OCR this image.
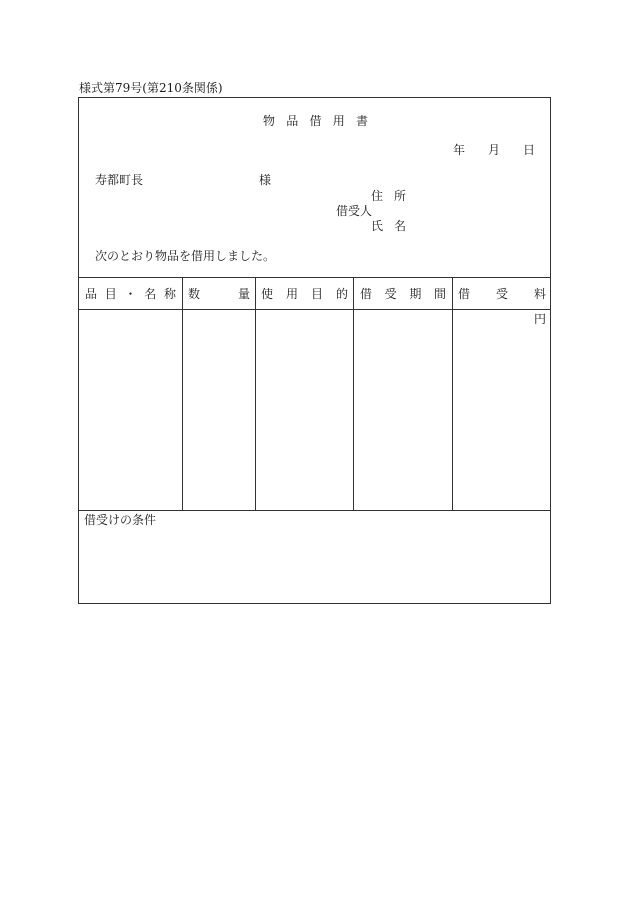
様式第79号(第210条関係)
物 品 借 用 書
年 月 日
寿都町長	様
住 所
借受人
氏 名
次のとおり物品を借用しました。
品 目 ・ 名 称 数	量 使 用 目 的 借 受 期 間 借 受 料
円
借受けの条件
